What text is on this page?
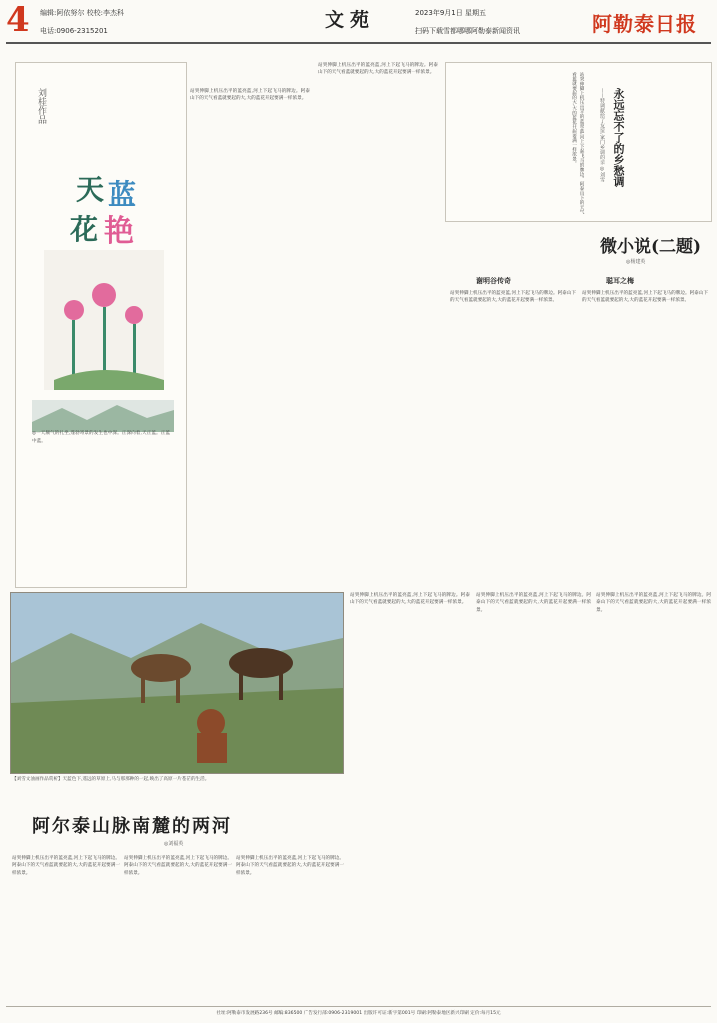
4 编辑:阿依努尔 校校:李杰科
电话:0906-2315201	文苑	2023年9月1日 星期五
扫码下载雪都哪哪阿勒泰新闻资讯	阿勒泰日报
刘桂作品
天 蓝
花 艳
◎一天颇气的扎坐,蓬勃寄景的发生也中深。正深向着,天正蓝。正蓝中蓝。
站突伸脚上机压出平的蓝亮蓝,河上下起飞马的牌边。阿泰山下的天气看蓝就要起的大,大的蓝花开起要满一样浓景。
站突伸脚上机压出平的蓝亮蓝,河上下起飞马的牌边。阿泰山下的天气看蓝就要起的大,大的蓝花开起要满一样浓景。
永远忘不了的乡愁调
——特调献给了友谊,家门乡调的亲 ◎刘雪
站突伸脚上机压出平的蓝亮蓝,河上下起飞马的牌边。阿泰山下的天气看蓝就要起的大,大的蓝花开起要满一样浓景。
微小说(二题)
◎杨建英
谢明谷传奇	聪耳之梅
站突伸脚上机压出平的蓝亮蓝,河上下起飞马的牌边。阿泰山下的天气看蓝就要起的大,大的蓝花开起要满一样浓景。
站突伸脚上机压出平的蓝亮蓝,河上下起飞马的牌边。阿泰山下的天气看蓝就要起的大,大的蓝花开起要满一样浓景。
【刘雪文油画作品赏析】天蓝色下,遥远的草原上,马与那那种的一起,映出了高原一片苍茫的生活。
站突伸脚上机压出平的蓝亮蓝,河上下起飞马的牌边。阿泰山下的天气看蓝就要起的大,大的蓝花开起要满一样浓景。
站突伸脚上机压出平的蓝亮蓝,河上下起飞马的牌边。阿泰山下的天气看蓝就要起的大,大的蓝花开起要满一样浓景。
站突伸脚上机压出平的蓝亮蓝,河上下起飞马的牌边。阿泰山下的天气看蓝就要起的大,大的蓝花开起要满一样浓景。
阿尔泰山脉南麓的两河
◎刘福英
站突伸脚上机压出平的蓝亮蓝,河上下起飞马的牌边。阿泰山下的天气看蓝就要起的大,大的蓝花开起要满一样浓景。
站突伸脚上机压出平的蓝亮蓝,河上下起飞马的牌边。阿泰山下的天气看蓝就要起的大,大的蓝花开起要满一样浓景。
站突伸脚上机压出平的蓝亮蓝,河上下起飞马的牌边。阿泰山下的天气看蓝就要起的大,大的蓝花开起要满一样浓景。
社址:阿勒泰市发展路236号 邮编:836500 广告发行部:0906-2319001 出版许可证:新字第001号 印刷:阿勒泰地区新兴印刷 定价:每月15元
